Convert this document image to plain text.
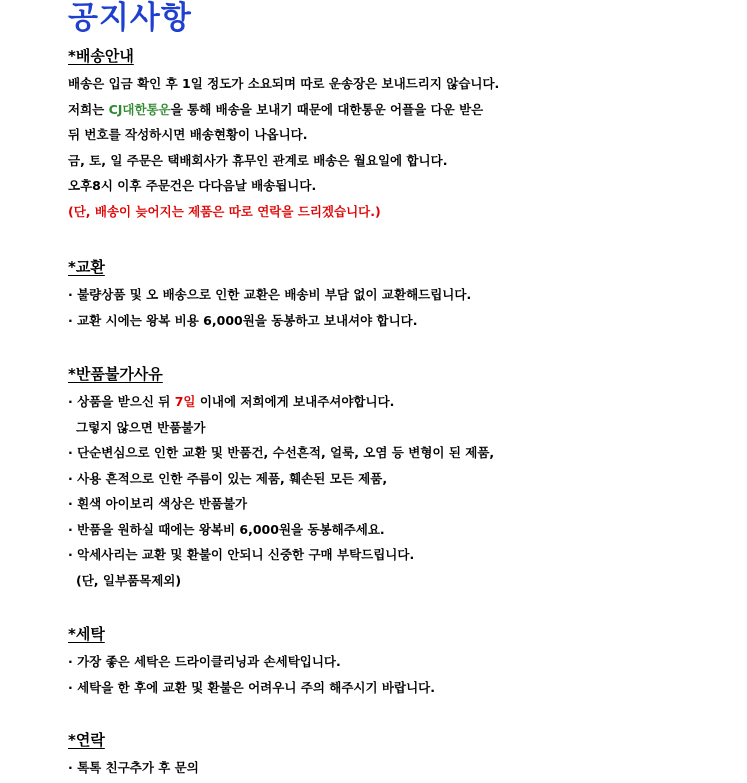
공지사항
*배송안내
배송은 입금 확인 후 1일 정도가 소요되며 따로 운송장은 보내드리지 않습니다.
저희는 CJ대한통운을 통해 배송을 보내기 때문에 대한통운 어플을 다운 받은
뒤 번호를 작성하시면 배송현황이 나옵니다.
금, 토, 일 주문은 택배회사가 휴무인 관계로 배송은 월요일에 합니다.
오후8시 이후 주문건은 다다음날 배송됩니다.
(단, 배송이 늦어지는 제품은 따로 연락을 드리겠습니다.)
*교환
· 불량상품 및 오 배송으로 인한 교환은 배송비 부담 없이 교환해드립니다.
· 교환 시에는 왕복 비용 6,000원을 동봉하고 보내셔야 합니다.
*반품불가사유
· 상품을 받으신 뒤 7일 이내에 저희에게 보내주셔야합니다.
그렇지 않으면 반품불가
· 단순변심으로 인한 교환 및 반품건, 수선흔적, 얼룩, 오염 등 변형이 된 제품,
· 사용 흔적으로 인한 주름이 있는 제품, 훼손된 모든 제품,
· 흰색 아이보리 색상은 반품불가
· 반품을 원하실 때에는 왕복비 6,000원을 동봉해주세요.
· 악세사리는 교환 및 환불이 안되니 신중한 구매 부탁드립니다.
(단, 일부품목제외)
*세탁
· 가장 좋은 세탁은 드라이클리닝과 손세탁입니다.
· 세탁을 한 후에 교환 및 환불은 어려우니 주의 해주시기 바랍니다.
*연락
· 톡톡 친구추가 후 문의
